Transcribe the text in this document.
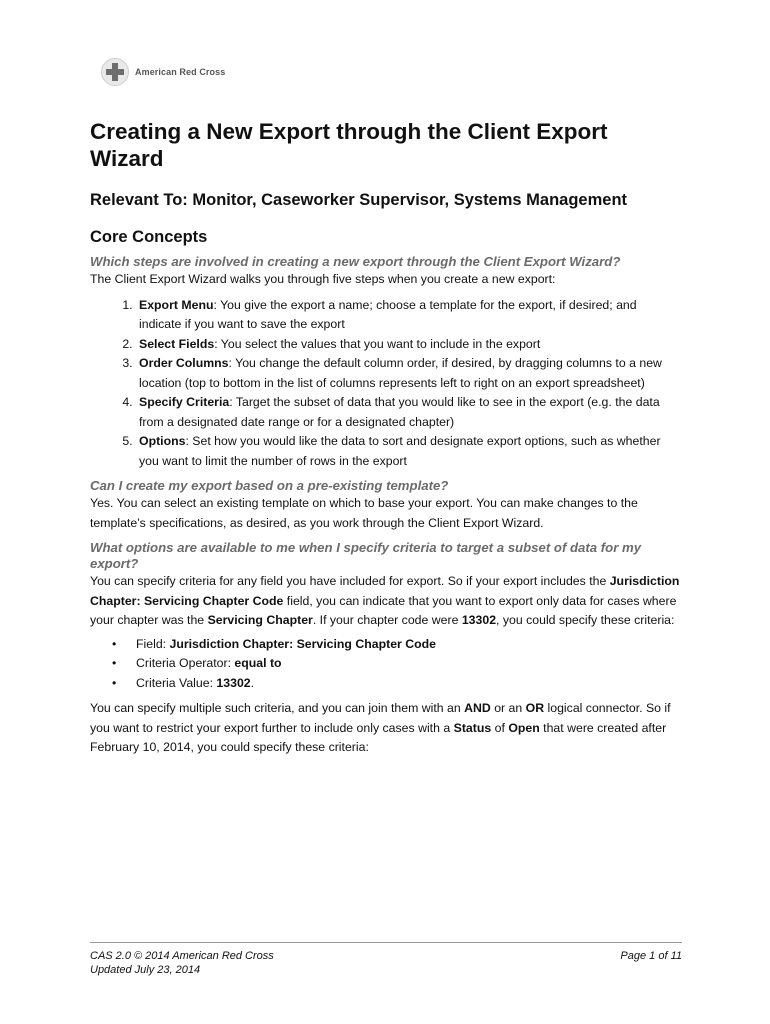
American Red Cross
Creating a New Export through the Client Export Wizard
Relevant To: Monitor, Caseworker Supervisor, Systems Management
Core Concepts
Which steps are involved in creating a new export through the Client Export Wizard?

The Client Export Wizard walks you through five steps when you create a new export:

1. Export Menu: You give the export a name; choose a template for the export, if desired; and indicate if you want to save the export
2. Select Fields: You select the values that you want to include in the export
3. Order Columns: You change the default column order, if desired, by dragging columns to a new location (top to bottom in the list of columns represents left to right on an export spreadsheet)
4. Specify Criteria: Target the subset of data that you would like to see in the export (e.g. the data from a designated date range or for a designated chapter)
5. Options: Set how you would like the data to sort and designate export options, such as whether you want to limit the number of rows in the export
Can I create my export based on a pre-existing template?

Yes. You can select an existing template on which to base your export. You can make changes to the template’s specifications, as desired, as you work through the Client Export Wizard.

What options are available to me when I specify criteria to target a subset of data for my export?

You can specify criteria for any field you have included for export. So if your export includes the Jurisdiction Chapter: Servicing Chapter Code field, you can indicate that you want to export only data for cases where your chapter was the Servicing Chapter. If your chapter code were 13302, you could specify these criteria:

• Field: Jurisdiction Chapter: Servicing Chapter Code
• Criteria Operator: equal to
• Criteria Value: 13302.

You can specify multiple such criteria, and you can join them with an AND or an OR logical connector. So if you want to restrict your export further to include only cases with a Status of Open that were created after February 10, 2014, you could specify these criteria:

CAS 2.0 © 2014 American Red Cross	Page 1 of 11
Updated July 23, 2014
